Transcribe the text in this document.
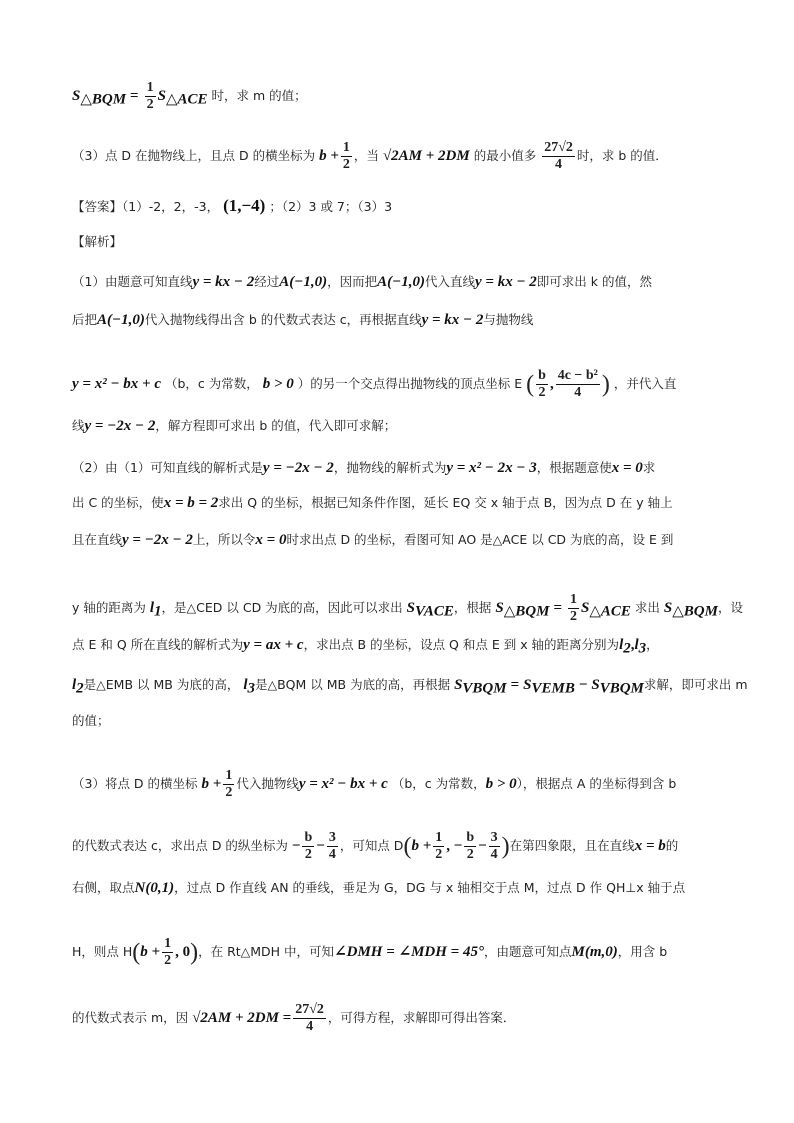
$S_{\triangle BQM} = \frac{1}{2} S_{\triangle ACE}$ 时，求 m 的值；
（3）点 D 在抛物线上，且点 D 的横坐标为 $b + \frac{1}{2}$ ，当 √2AM + 2DM 的最小值多 $\frac{27√2}{4}$ 时，求 b 的值．
【答案】（1）-2，2，-3， (1,−4) ；（2）3 或 7；（3）3
【解析】
（1）由题意可知直线y = kx − 2经过A(−1,0)，因而把A(−1,0)代入直线y = kx − 2即可求出 k 的值，然
后把A(−1,0)代入抛物线得出含 b 的代数式表达 c，再根据直线y = kx − 2与抛物线
y = x² − bx + c （b，c 为常数， b > 0 ）的另一个交点得出抛物线的顶点坐标 E ( $\frac{b}{2}$ , $\frac{\text{4c − b²}}{4}$ ) ，并代入直
线y = −2x − 2，解方程即可求出 b 的值，代入即可求解；
（2）由（1）可知直线的解析式是y = −2x − 2，抛物线的解析式为y = x² − 2x − 3，根据题意使x = 0求
出 C 的坐标，使x = b = 2求出 Q 的坐标，根据已知条件作图，延长 EQ 交 x 轴于点 B，因为点 D 在 y 轴上
且在直线y = −2x − 2上，所以令x = 0时求出点 D 的坐标，看图可知 AO 是△ACE 以 CD 为底的高，设 E 到
y 轴的距离为 $l_1$，是△CED 以 CD 为底的高，因此可以求出 $S_{VACE}$，根据 $S_{\triangle BQM} = \frac{1}{2} S_{\triangle ACE}$ 求出 $S_{\triangle BQM}$，设
点 E 和 Q 所在直线的解析式为y = ax + c，求出点 B 的坐标，设点 Q 和点 E 到 x 轴的距离分别为$l_2,l_3$，
$l_2$是△EMB 以 MB 为底的高， $l_3$是△BQM 以 MB 为底的高，再根据 $S_{VBQM} = S_{VEMB} - S_{VBQM}$求解，即可求出 m
的值；
（3）将点 D 的横坐标 $b + \frac{1}{2}$ 代入抛物线y = x² − bx + c （b，c 为常数，b > 0），根据点 A 的坐标得到含 b
的代数式表达 c，求出点 D 的纵坐标为 − $\frac{b}{2} - \frac{3}{4}$ ，可知点 $D(b + \frac{1}{2}$ , − $\frac{b}{2} - \frac{3}{4}$ )在第四象限，且在直线x = b的
右侧，取点N(0,1)，过点 D 作直线 AN 的垂线，垂足为 G，DG 与 x 轴相交于点 M，过点 D 作 QH⊥x 轴于点
H，则点 $H(b + \frac{1}{2}$ , 0)，在 Rt△MDH 中，可知∠DMH = ∠MDH = 45°，由题意可知点M(m,0)，用含 b
的代数式表示 m，因 $√2AM + 2DM = \frac{27√2}{4}$ ，可得方程，求解即可得出答案．
